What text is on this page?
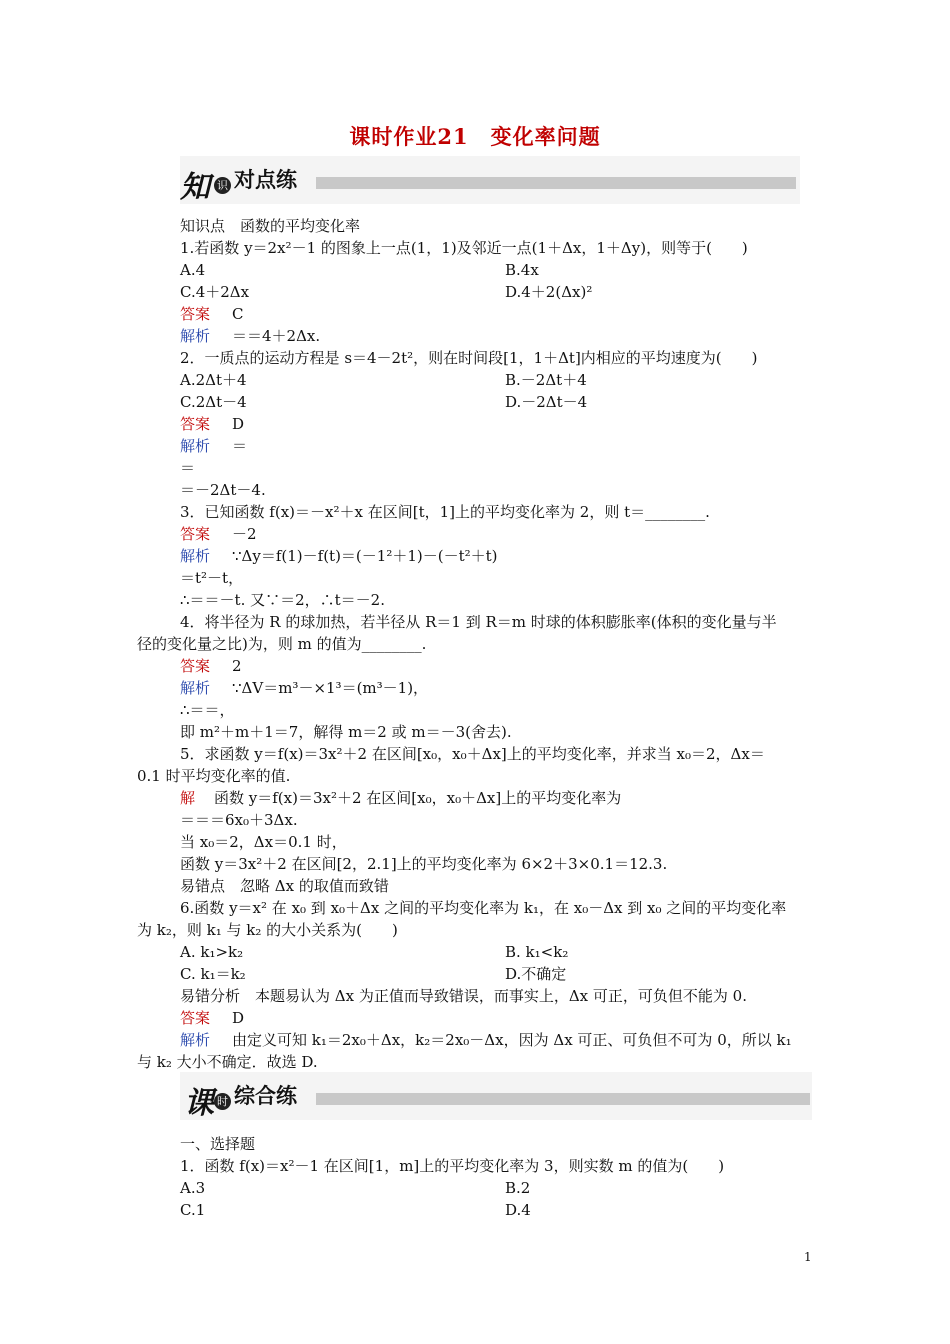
课时作业21　变化率问题
知 识 对点练
课 时 综合练
知识点　函数的平均变化率
1.若函数 y＝2x²－1 的图象上一点(1，1)及邻近一点(1＋Δx，1＋Δy)，则等于(　　)
A.4	B.4x
C.4＋2Δx	D.4＋2(Δx)²
答案 C
解析 ＝＝4＋2Δx.
2．一质点的运动方程是 s＝4－2t²，则在时间段[1，1＋Δt]内相应的平均速度为(　　)
A.2Δt＋4	B.－2Δt＋4
C.2Δt－4	D.－2Δt－4
答案 D
解析 ＝
＝
＝－2Δt－4.
3．已知函数 f(x)＝－x²＋x 在区间[t，1]上的平均变化率为 2，则 t＝________.
答案 －2
解析 ∵Δy＝f(1)－f(t)＝(－1²＋1)－(－t²＋t)
＝t²－t，
∴＝＝－t. 又∵＝2，∴t＝－2.
4．将半径为 R 的球加热，若半径从 R＝1 到 R＝m 时球的体积膨胀率(体积的变化量与半
径的变化量之比)为，则 m 的值为________.
答案 2
解析 ∵ΔV＝m³－×1³＝(m³－1)，
∴＝＝，
即 m²＋m＋1＝7，解得 m＝2 或 m＝－3(舍去).
5．求函数 y＝f(x)＝3x²＋2 在区间[x₀，x₀＋Δx]上的平均变化率，并求当 x₀＝2，Δx＝
0.1 时平均变化率的值.
解 函数 y＝f(x)＝3x²＋2 在区间[x₀，x₀＋Δx]上的平均变化率为
＝＝＝6x₀＋3Δx.
当 x₀＝2，Δx＝0.1 时，
函数 y＝3x²＋2 在区间[2，2.1]上的平均变化率为 6×2＋3×0.1＝12.3.
易错点　忽略 Δx 的取值而致错
6.函数 y＝x² 在 x₀ 到 x₀＋Δx 之间的平均变化率为 k₁，在 x₀－Δx 到 x₀ 之间的平均变化率
为 k₂，则 k₁ 与 k₂ 的大小关系为(　　)
A. k₁>k₂	B. k₁<k₂
C. k₁＝k₂	D.不确定
易错分析　本题易认为 Δx 为正值而导致错误，而事实上，Δx 可正，可负但不能为 0.
答案 D
解析 由定义可知 k₁＝2x₀＋Δx，k₂＝2x₀－Δx，因为 Δx 可正、可负但不可为 0，所以 k₁
与 k₂ 大小不确定．故选 D.
一、选择题
1．函数 f(x)＝x²－1 在区间[1，m]上的平均变化率为 3，则实数 m 的值为(　　)
A.3	B.2
C.1	D.4
1
